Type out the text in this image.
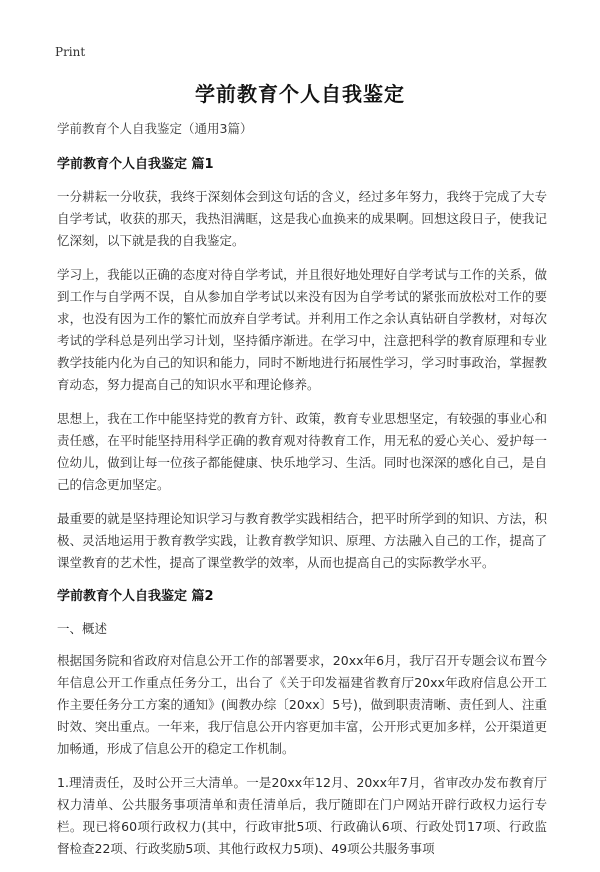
Print
学前教育个人自我鉴定
学前教育个人自我鉴定（通用3篇）
学前教育个人自我鉴定 篇1

一分耕耘一分收获，我终于深刻体会到这句话的含义，经过多年努力，我终于完成了大专自学考试，收获的那天，我热泪满眶，这是我心血换来的成果啊。回想这段日子，使我记忆深刻，以下就是我的自我鉴定。

学习上，我能以正确的态度对待自学考试，并且很好地处理好自学考试与工作的关系，做到工作与自学两不误，自从参加自学考试以来没有因为自学考试的紧张而放松对工作的要求，也没有因为工作的繁忙而放弃自学考试。并利用工作之余认真钻研自学教材，对每次考试的学科总是列出学习计划，坚持循序渐进。在学习中，注意把科学的教育原理和专业教学技能内化为自己的知识和能力，同时不断地进行拓展性学习，学习时事政治，掌握教育动态，努力提高自己的知识水平和理论修养。

思想上，我在工作中能坚持党的教育方针、政策，教育专业思想坚定，有较强的事业心和责任感，在平时能坚持用科学正确的教育观对待教育工作，用无私的爱心关心、爱护每一位幼儿，做到让每一位孩子都能健康、快乐地学习、生活。同时也深深的感化自己，是自己的信念更加坚定。

最重要的就是坚持理论知识学习与教育教学实践相结合，把平时所学到的知识、方法，积极、灵活地运用于教育教学实践，让教育教学知识、原理、方法融入自己的工作，提高了课堂教育的艺术性，提高了课堂教学的效率，从而也提高自己的实际教学水平。

学前教育个人自我鉴定 篇2
一、概述

根据国务院和省政府对信息公开工作的部署要求，20xx年6月，我厅召开专题会议布置今年信息公开工作重点任务分工，出台了《关于印发福建省教育厅20xx年政府信息公开工作主要任务分工方案的通知》(闽教办综〔20xx〕5号)，做到职责清晰、责任到人、注重时效、突出重点。一年来，我厅信息公开内容更加丰富，公开形式更加多样，公开渠道更加畅通，形成了信息公开的稳定工作机制。

1.理清责任，及时公开三大清单。一是20xx年12月、20xx年7月，省审改办发布教育厅权力清单、公共服务事项清单和责任清单后，我厅随即在门户网站开辟行政权力运行专栏。现已将60项行政权力(其中，行政审批5项、行政确认6项、行政处罚17项、行政监督检查22项、行政奖励5项、其他行政权力5项)、49项公共服务事项
